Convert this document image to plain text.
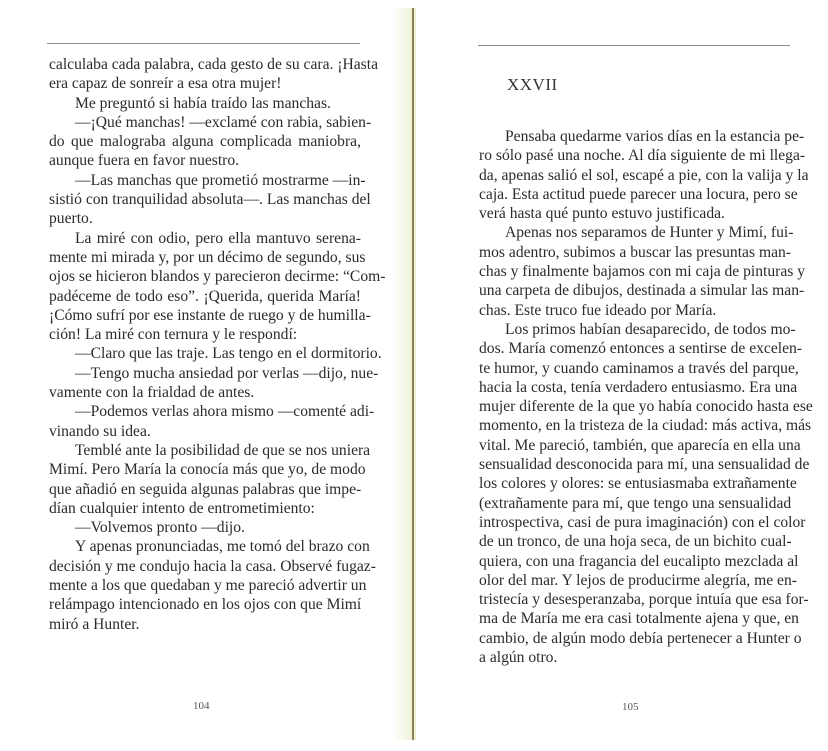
calculaba cada palabra, cada gesto de su cara. ¡Hasta
era capaz de sonreír a esa otra mujer!
Me preguntó si había traído las manchas.
—¡Qué manchas! —exclamé con rabia, sabien-
do que malograba alguna complicada maniobra,
aunque fuera en favor nuestro.
—Las manchas que prometió mostrarme —in-
sistió con tranquilidad absoluta—. Las manchas del
puerto.
La miré con odio, pero ella mantuvo serena-
mente mi mirada y, por un décimo de segundo, sus
ojos se hicieron blandos y parecieron decirme: “Com-
padéceme de todo eso”. ¡Querida, querida María!
¡Cómo sufrí por ese instante de ruego y de humilla-
ción! La miré con ternura y le respondí:
—Claro que las traje. Las tengo en el dormitorio.
—Tengo mucha ansiedad por verlas —dijo, nue-
vamente con la frialdad de antes.
—Podemos verlas ahora mismo —comenté adi-
vinando su idea.
Temblé ante la posibilidad de que se nos uniera
Mimí. Pero María la conocía más que yo, de modo
que añadió en seguida algunas palabras que impe-
dían cualquier intento de entrometimiento:
—Volvemos pronto —dijo.
Y apenas pronunciadas, me tomó del brazo con
decisión y me condujo hacia la casa. Observé fugaz-
mente a los que quedaban y me pareció advertir un
relámpago intencionado en los ojos con que Mimí
miró a Hunter.
104
XXVII
Pensaba quedarme varios días en la estancia pe-
ro sólo pasé una noche. Al día siguiente de mi llega-
da, apenas salió el sol, escapé a pie, con la valija y la
caja. Esta actitud puede parecer una locura, pero se
verá hasta qué punto estuvo justificada.
Apenas nos separamos de Hunter y Mimí, fui-
mos adentro, subimos a buscar las presuntas man-
chas y finalmente bajamos con mi caja de pinturas y
una carpeta de dibujos, destinada a simular las man-
chas. Este truco fue ideado por María.
Los primos habían desaparecido, de todos mo-
dos. María comenzó entonces a sentirse de excelen-
te humor, y cuando caminamos a través del parque,
hacia la costa, tenía verdadero entusiasmo. Era una
mujer diferente de la que yo había conocido hasta ese
momento, en la tristeza de la ciudad: más activa, más
vital. Me pareció, también, que aparecía en ella una
sensualidad desconocida para mí, una sensualidad de
los colores y olores: se entusiasmaba extrañamente
(extrañamente para mí, que tengo una sensualidad
introspectiva, casi de pura imaginación) con el color
de un tronco, de una hoja seca, de un bichito cual-
quiera, con una fragancia del eucalipto mezclada al
olor del mar. Y lejos de producirme alegría, me en-
tristecía y desesperanzaba, porque intuía que esa for-
ma de María me era casi totalmente ajena y que, en
cambio, de algún modo debía pertenecer a Hunter o
a algún otro.
105
